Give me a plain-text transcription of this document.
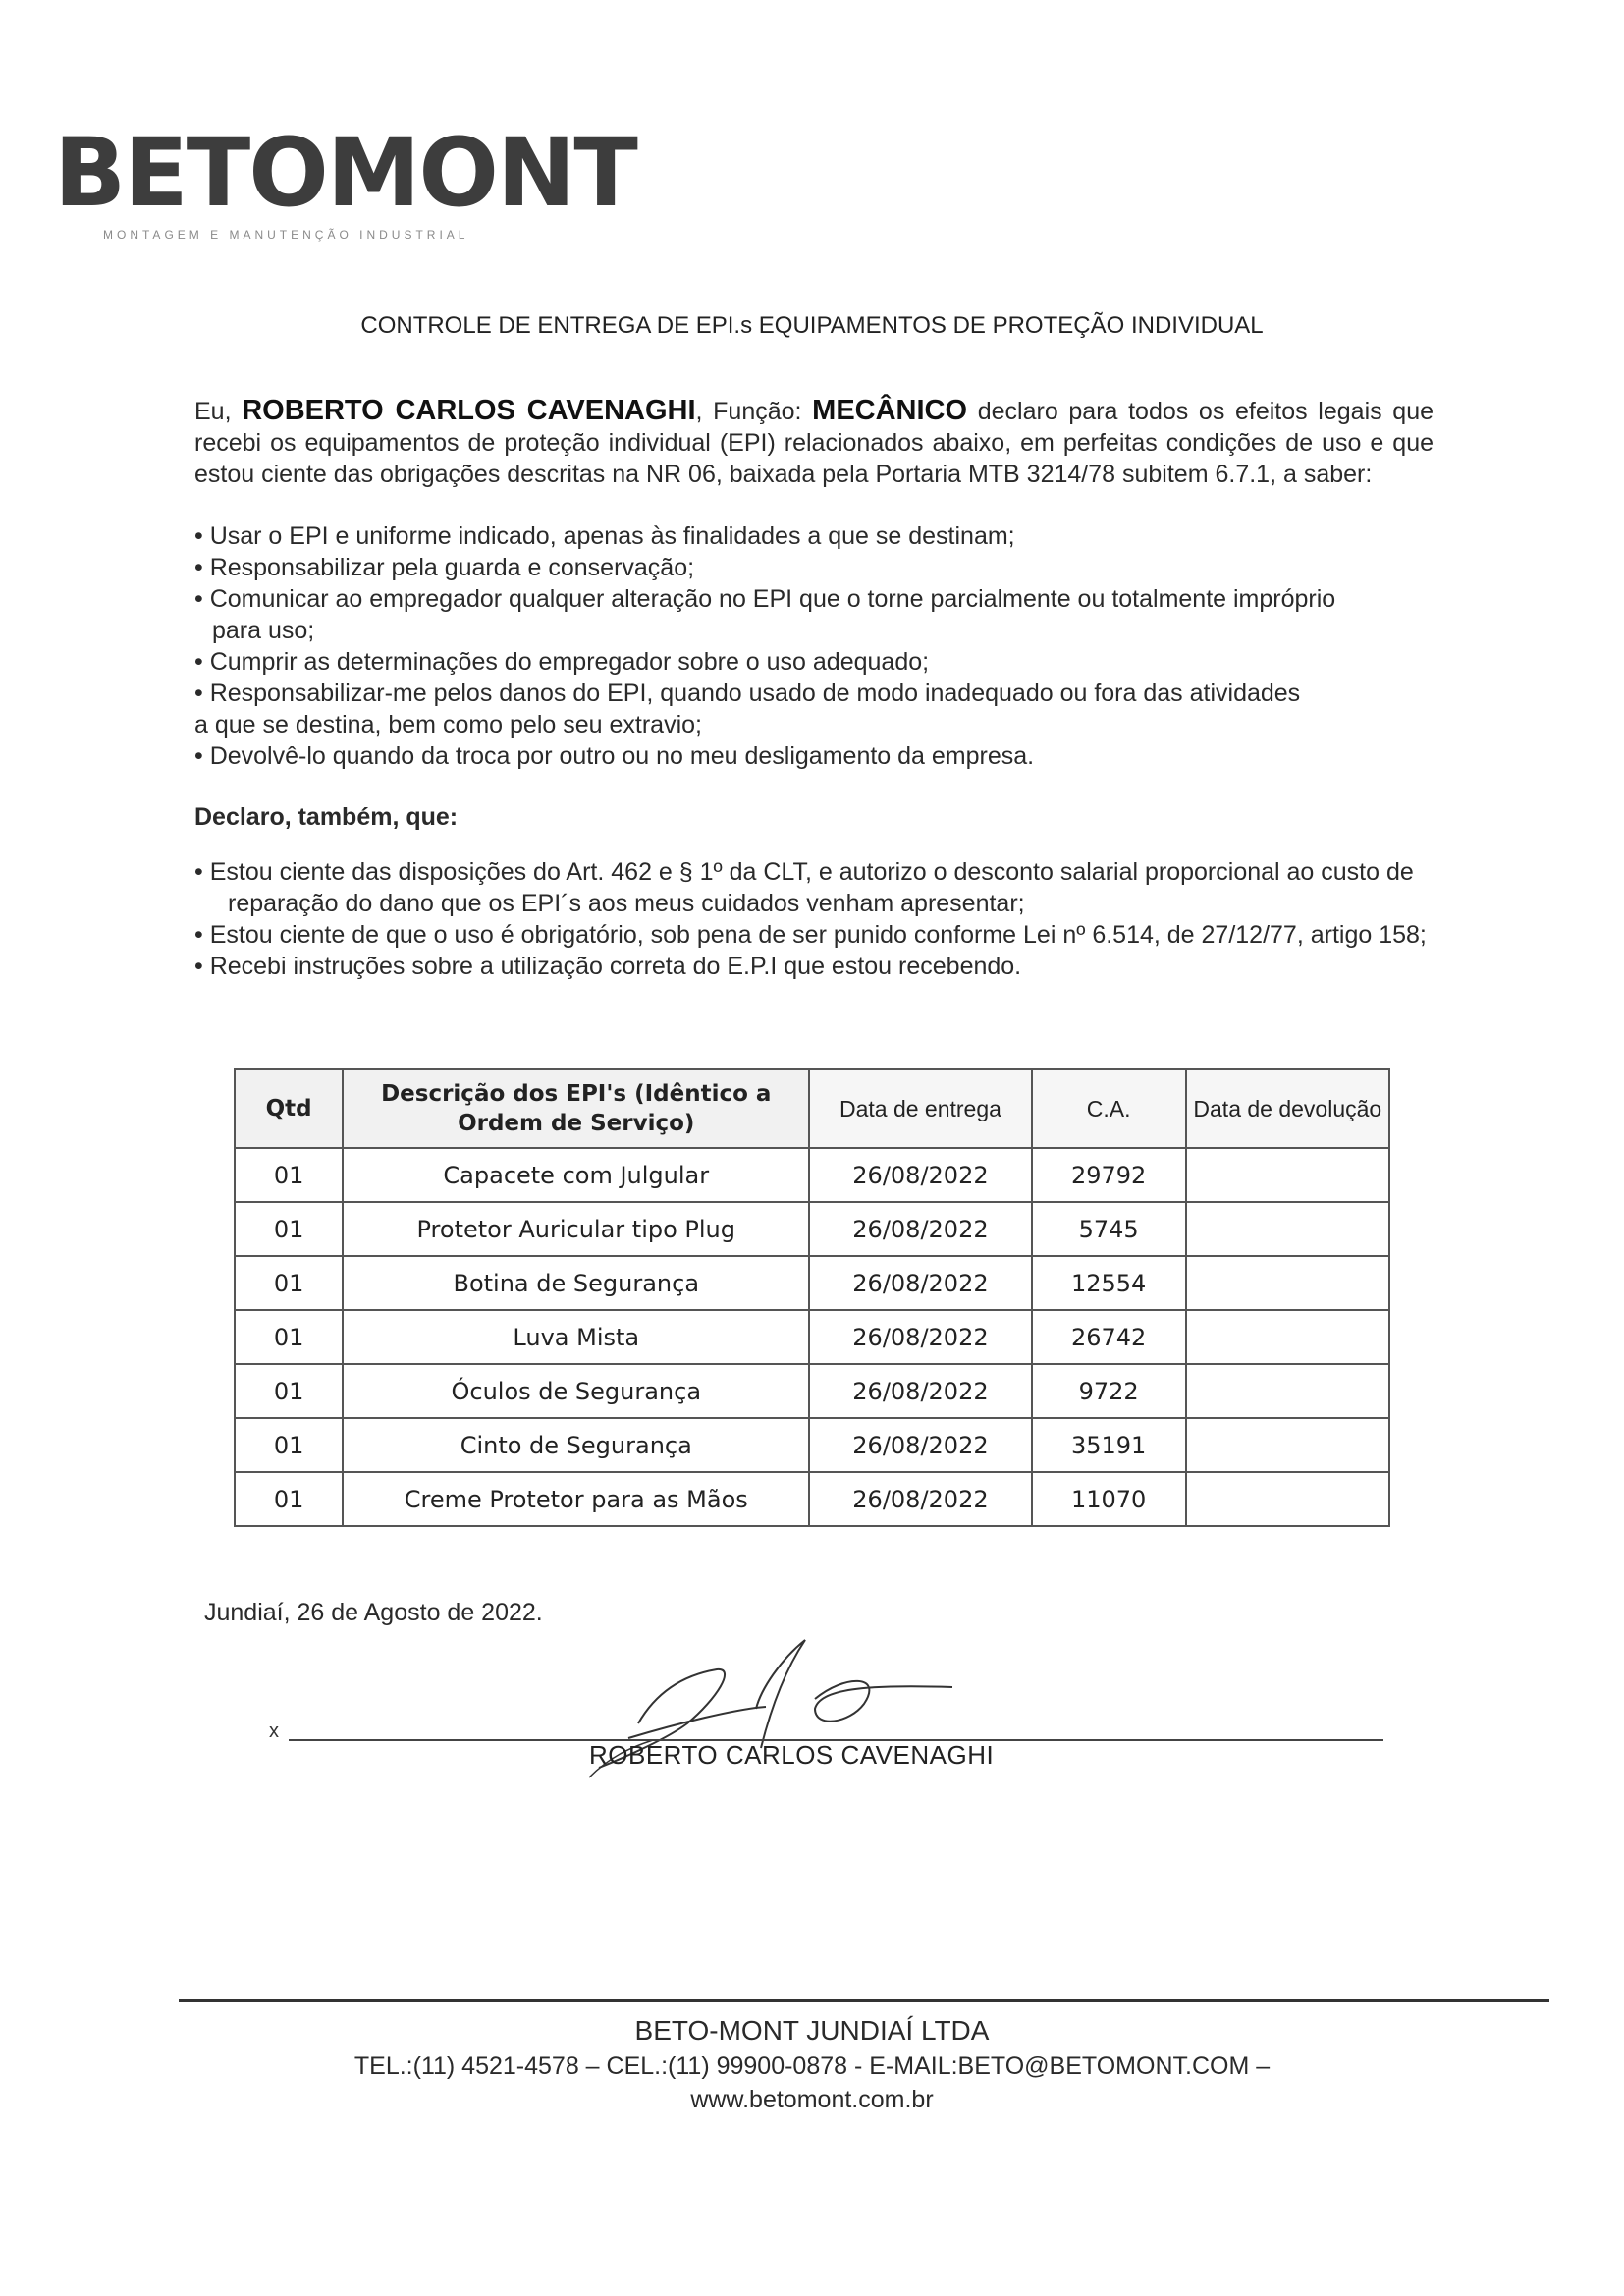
BETOMONT
MONTAGEM E MANUTENÇÃO INDUSTRIAL
CONTROLE DE ENTREGA DE EPI.s EQUIPAMENTOS DE PROTEÇÃO INDIVIDUAL
Eu, ROBERTO CARLOS CAVENAGHI, Função: MECÂNICO declaro para todos os efeitos legais que recebi os equipamentos de proteção individual (EPI) relacionados abaixo, em perfeitas condições de uso e que estou ciente das obrigações descritas na NR 06, baixada pela Portaria MTB 3214/78 subitem 6.7.1, a saber:
• Usar o EPI e uniforme indicado, apenas às finalidades a que se destinam;
• Responsabilizar pela guarda e conservação;
• Comunicar ao empregador qualquer alteração no EPI que o torne parcialmente ou totalmente impróprio
para uso;
• Cumprir as determinações do empregador sobre o uso adequado;
• Responsabilizar-me pelos danos do EPI, quando usado de modo inadequado ou fora das atividades
a que se destina, bem como pelo seu extravio;
• Devolvê-lo quando da troca por outro ou no meu desligamento da empresa.
Declaro, também, que:
• Estou ciente das disposições do Art. 462 e § 1º da CLT, e autorizo o desconto salarial proporcional ao custo de reparação do dano que os EPI´s aos meus cuidados venham apresentar;
• Estou ciente de que o uso é obrigatório, sob pena de ser punido conforme Lei nº 6.514, de 27/12/77, artigo 158;
• Recebi instruções sobre a utilização correta do E.P.I que estou recebendo.
Qtd	Descrição dos EPI's (Idêntico a Ordem de Serviço)	Data de entrega	C.A.	Data de devolução
01	Capacete com Julgular	26/08/2022	29792	
01	Protetor Auricular tipo Plug	26/08/2022	5745	
01	Botina de Segurança	26/08/2022	12554	
01	Luva Mista	26/08/2022	26742	
01	Óculos de Segurança	26/08/2022	9722	
01	Cinto de Segurança	26/08/2022	35191	
01	Creme Protetor para as Mãos	26/08/2022	11070	
Jundiaí, 26 de Agosto de 2022.
x
ROBERTO CARLOS CAVENAGHI
BETO-MONT JUNDIAÍ LTDA
TEL.:(11) 4521-4578 – CEL.:(11) 99900-0878 - E-MAIL:BETO@BETOMONT.COM –
www.betomont.com.br
